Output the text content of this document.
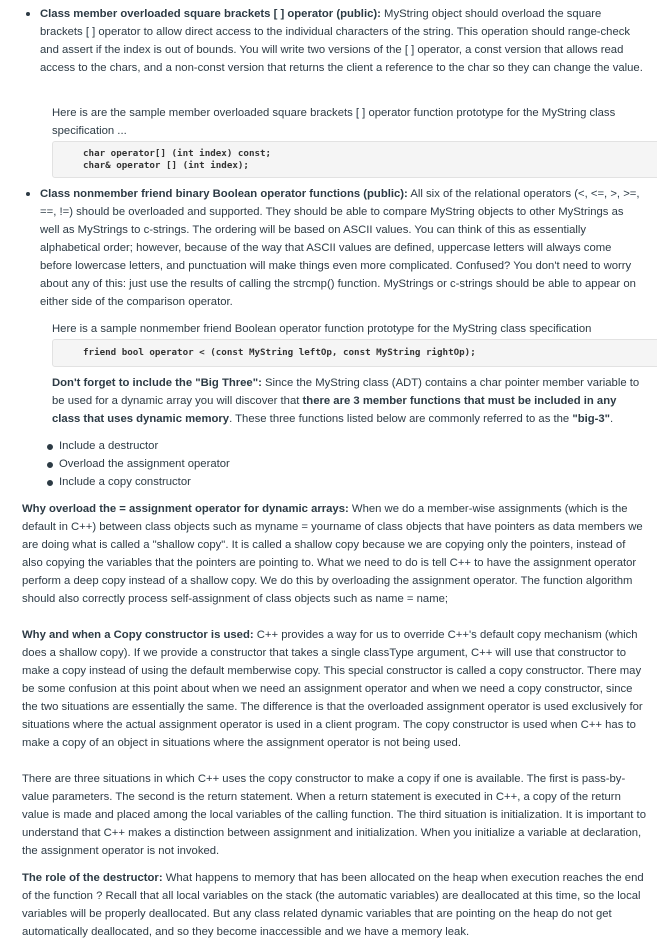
Class member overloaded square brackets [ ] operator (public): MyString object should overload the square brackets [ ] operator to allow direct access to the individual characters of the string. This operation should range-check and assert if the index is out of bounds. You will write two versions of the [ ] operator, a const version that allows read access to the chars, and a non-const version that returns the client a reference to the char so they can change the value.
Here is are the sample member overloaded square brackets [ ] operator function prototype for the MyString class specification ...
char operator[] (int index) const;
char& operator [] (int index);
Class nonmember friend binary Boolean operator functions (public): All six of the relational operators (<, <=, >, >=, ==, !=) should be overloaded and supported. They should be able to compare MyString objects to other MyStrings as well as MyStrings to c-strings. The ordering will be based on ASCII values. You can think of this as essentially alphabetical order; however, because of the way that ASCII values are defined, uppercase letters will always come before lowercase letters, and punctuation will make things even more complicated. Confused? You don't need to worry about any of this: just use the results of calling the strcmp() function. MyStrings or c-strings should be able to appear on either side of the comparison operator.
Here is a sample nonmember friend Boolean operator function prototype for the MyString class specification
friend bool operator < (const MyString leftOp, const MyString rightOp);
Don't forget to include the "Big Three": Since the MyString class (ADT) contains a char pointer member variable to be used for a dynamic array you will discover that there are 3 member functions that must be included in any class that uses dynamic memory. These three functions listed below are commonly referred to as the "big-3".
Include a destructor
Overload the assignment operator
Include a copy constructor
Why overload the = assignment operator for dynamic arrays: When we do a member-wise assignments (which is the default in C++) between class objects such as myname = yourname of class objects that have pointers as data members we are doing what is called a "shallow copy". It is called a shallow copy because we are copying only the pointers, instead of also copying the variables that the pointers are pointing to. What we need to do is tell C++ to have the assignment operator perform a deep copy instead of a shallow copy. We do this by overloading the assignment operator. The function algorithm should also correctly process self-assignment of class objects such as name = name;
Why and when a Copy constructor is used: C++ provides a way for us to override C++'s default copy mechanism (which does a shallow copy). If we provide a constructor that takes a single classType argument, C++ will use that constructor to make a copy instead of using the default memberwise copy. This special constructor is called a copy constructor. There may be some confusion at this point about when we need an assignment operator and when we need a copy constructor, since the two situations are essentially the same. The difference is that the overloaded assignment operator is used exclusively for situations where the actual assignment operator is used in a client program. The copy constructor is used when C++ has to make a copy of an object in situations where the assignment operator is not being used.
There are three situations in which C++ uses the copy constructor to make a copy if one is available. The first is pass-by-value parameters. The second is the return statement. When a return statement is executed in C++, a copy of the return value is made and placed among the local variables of the calling function. The third situation is initialization. It is important to understand that C++ makes a distinction between assignment and initialization. When you initialize a variable at declaration, the assignment operator is not invoked.
The role of the destructor: What happens to memory that has been allocated on the heap when execution reaches the end of the function ? Recall that all local variables on the stack (the automatic variables) are deallocated at this time, so the local variables will be properly deallocated. But any class related dynamic variables that are pointing on the heap do not get automatically deallocated, and so they become inaccessible and we have a memory leak.
